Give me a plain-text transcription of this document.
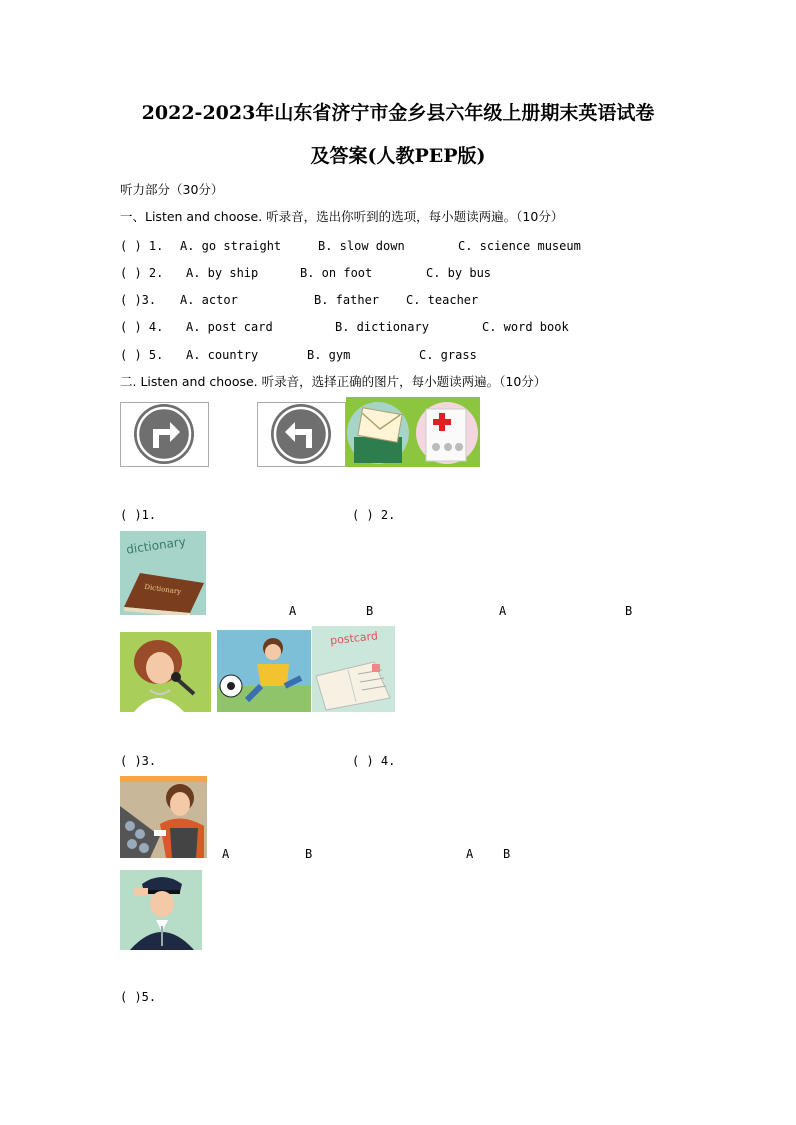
2022-2023年山东省济宁市金乡县六年级上册期末英语试卷
及答案(人教PEP版)
听力部分（30分）
一、Listen and choose. 听录音，选出你听到的选项，每小题读两遍。（10分）
( ) 1. A. go straight	B. slow down	C. science museum
( ) 2. A. by ship	B. on foot	C. by bus
( )3. A. actor	B. father C. teacher
( ) 4. A. post card	B. dictionary	C. word book
( ) 5. A. country	B. gym	C. grass
二. Listen and choose. 听录音，选择正确的图片，每小题读两遍。（10分）
( )1.	( ) 2.
dictionary
Dictionary
A	B	A	B
postcard
( )3.	( ) 4.
A	B	A B
( )5.
